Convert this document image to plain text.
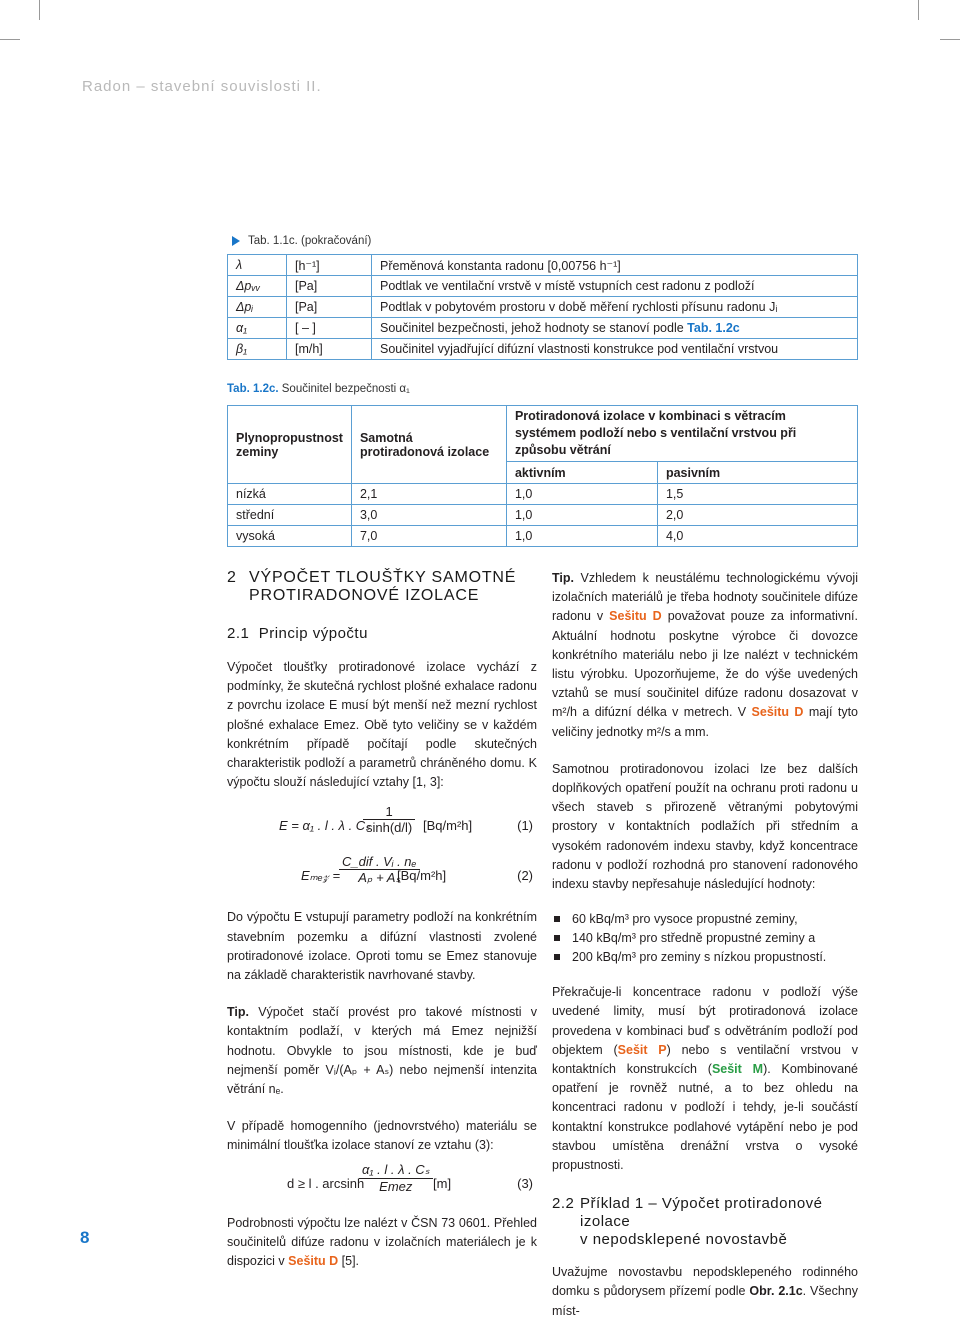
Radon – stavební souvislosti II.
Tab. 1.1c. (pokračování)
λ	[h⁻¹]	Přeměnová konstanta radonu [0,00756 h⁻¹]
Δpᵥᵥ	[Pa]	Podtlak ve ventilační vrstvě v místě vstupních cest radonu z podloží
Δpᵢ	[Pa]	Podtlak v pobytovém prostoru v době měření rychlosti přísunu radonu Jᵢ
α₁	[ – ]	Součinitel bezpečnosti, jehož hodnoty se stanoví podle Tab. 1.2c
β₁	[m/h]	Součinitel vyjadřující difúzní vlastnosti konstrukce pod ventilační vrstvou
Tab. 1.2c. Součinitel bezpečnosti α₁
Plynopropustnost zeminy	Samotná protiradonová izolace	Protiradonová izolace v kombinaci s větracím systémem podloží nebo s ventilační vrstvou při způsobu větrání	
		aktivním	pasivním
nízká	2,1	1,0	1,5
střední	3,0	1,0	2,0
vysoká	7,0	1,0	4,0
2 VÝPOČET TLOUŠŤKY SAMOTNÉ
PROTIRADONOVÉ IZOLACE
2.1 Princip výpočtu
Výpočet tloušťky protiradonové izolace vychází z podmínky, že skutečná rychlost plošné exhalace radonu z povrchu izolace E musí být menší než mezní rychlost plošné exhalace Emez. Obě tyto veličiny se v každém konkrétním případě počítají podle skutečných charakteristik podloží a parametrů chráněného domu. K výpočtu slouží následující vztahy [1, 3]:
E = α₁ . l . λ . Cₛ
$\frac{1}{\sinh(d/l)} [Bq/m^2h]$	(1)
Eₘₑ𝓏 =
C_dif . Vᵢ . nₑ
Aₚ + Aₛ
[Bq/m²h]	(2)
Do výpočtu E vstupují parametry podloží na konkrétním stavebním pozemku a difúzní vlastnosti zvolené protiradonové izolace. Oproti tomu se Emez stanovuje na základě charakteristik navrhované stavby.
Tip. Výpočet stačí provést pro takové místnosti v kontaktním podlaží, v kterých má Emez nejnižší hodnotu. Obvykle to jsou místnosti, kde je buď nejmenší poměr Vᵢ/(Aₚ + Aₛ) nebo nejmenší intenzita větrání nₑ.
V případě homogenního (jednovrstvého) materiálu se minimální tloušťka izolace stanoví ze vztahu (3):
d ≥ l . arcsinh
α₁ . l . λ . Cₛ
Emez	[m]	(3)
Podrobnosti výpočtu lze nalézt v ČSN 73 0601. Přehled součinitelů difúze radonu v izolačních materiálech je k dispozici v Sešitu D [5].
Tip. Vzhledem k neustálému technologickému vývoji izolačních materiálů je třeba hodnoty součinitele difúze radonu v Sešitu D považovat pouze za informativní. Aktuální hodnotu poskytne výrobce či dovozce konkrétního materiálu nebo ji lze nalézt v technickém listu výrobku. Upozorňujeme, že do výše uvedených vztahů se musí součinitel difúze radonu dosazovat v m²/h a difúzní délka v metrech. V Sešitu D mají tyto veličiny jednotky m²/s a mm.
Samotnou protiradonovou izolaci lze bez dalších doplňkových opatření použít na ochranu proti radonu u všech staveb s přirozeně větranými pobytovými prostory v kontaktních podlažích při středním a vysokém radonovém indexu stavby, když koncentrace radonu v podloží rozhodná pro stanovení radonového indexu stavby nepřesahuje následující hodnoty:
60 kBq/m³ pro vysoce propustné zeminy,
140 kBq/m³ pro středně propustné zeminy a
200 kBq/m³ pro zeminy s nízkou propustností.
Překračuje-li koncentrace radonu v podloží výše uvedené limity, musí být protiradonová izolace provedena v kombinaci buď s odvětráním podloží pod objektem (Sešit P) nebo s ventilační vrstvou v kontaktních konstrukcích (Sešit M). Kombinované opatření je rovněž nutné, a to bez ohledu na koncentraci radonu v podloží i tehdy, je-li součástí kontaktní konstrukce podlahové vytápění nebo je pod stavbou umístěna drenážní vrstva o vysoké propustnosti.
2.2 Příklad 1 – Výpočet protiradonové izolace
v nepodsklepené novostavbě
Uvažujme novostavbu nepodsklepeného rodinného domku s půdorysem přízemí podle Obr. 2.1c. Všechny míst-
8
